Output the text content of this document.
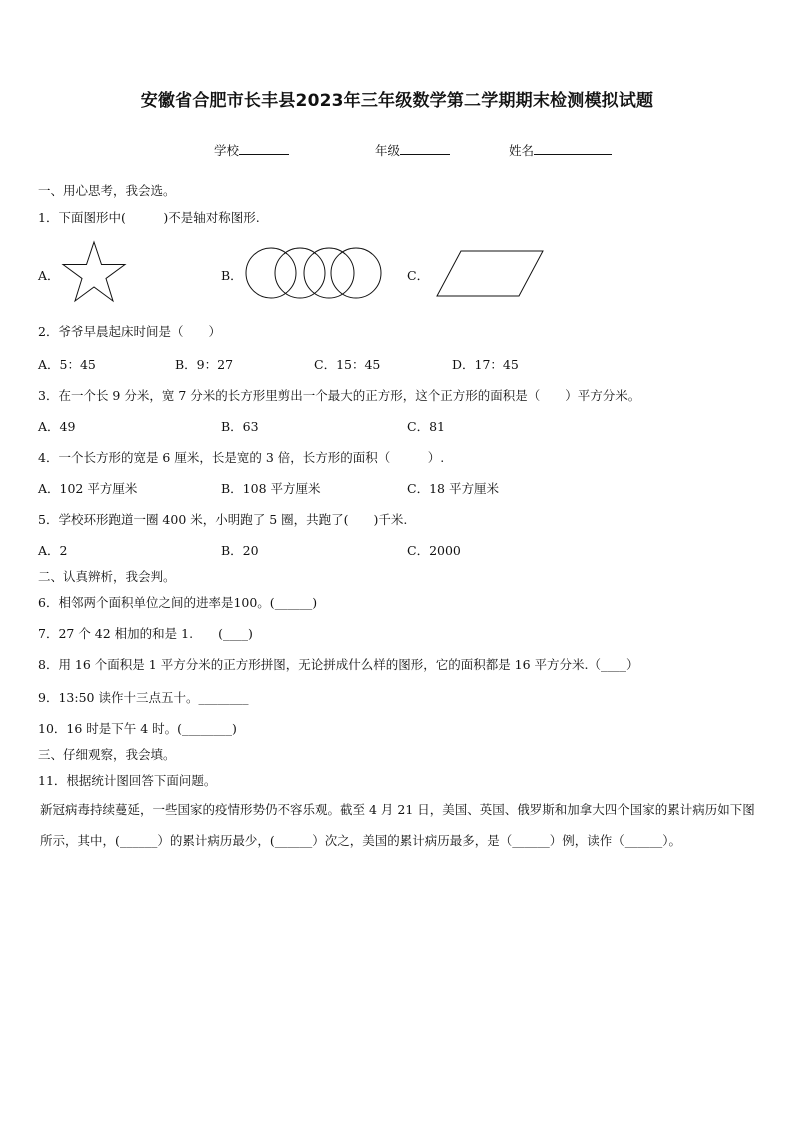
安徽省合肥市长丰县2023年三年级数学第二学期期末检测模拟试题
学校	年级	姓名
一、用心思考，我会选。
1．下面图形中(　　　)不是轴对称图形.
A．	B．	C．
2．爷爷早晨起床时间是（　　）
A．5：45	B．9：27	C．15：45	D．17：45
3．在一个长 9 分米，宽 7 分米的长方形里剪出一个最大的正方形，这个正方形的面积是（　　）平方分米。
A．49	B．63	C．81
4．一个长方形的宽是 6 厘米，长是宽的 3 倍，长方形的面积（　　　）.
A．102 平方厘米	B．108 平方厘米	C．18 平方厘米
5．学校环形跑道一圈 400 米，小明跑了 5 圈，共跑了(　　)千米.
A．2	B．20	C．2000
二、认真辨析，我会判。
6．相邻两个面积单位之间的进率是100。(______)
7．27 个 42 相加的和是 1.　　(____)
8．用 16 个面积是 1 平方分米的正方形拼图，无论拼成什么样的图形，它的面积都是 16 平方分米.（____）
9．13:50 读作十三点五十。________
10．16 时是下午 4 时。(________)
三、仔细观察，我会填。
11．根据统计图回答下面问题。
新冠病毒持续蔓延，一些国家的疫情形势仍不容乐观。截至 4 月 21 日，美国、英国、俄罗斯和加拿大四个国家的累计病历如下图所示，其中，(______）的累计病历最少，(______）次之，美国的累计病历最多，是（______）例，读作（______）。
